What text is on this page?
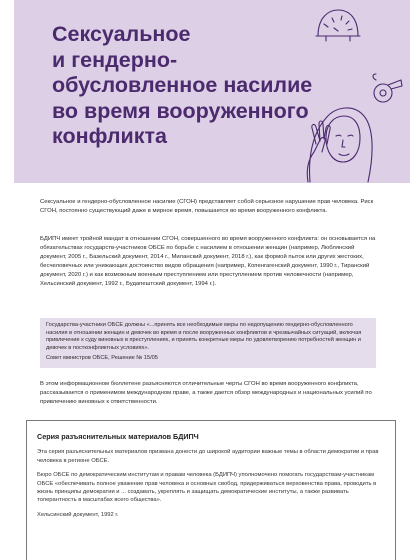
Сексуальное
и гендерно-
обусловленное насилие
во время вооруженного
конфликта

Сексуальное и гендерно-обусловленное насилие (СГОН) представляет собой серьезное нарушение прав человека. Риск СГОН, постоянно существующий даже в мирное время, повышается во время вооруженного конфликта.

БДИПЧ имеет тройной мандат в отношении СГОН, совершенного во время вооруженного конфликта: он основывается на обязательствах государств-участников ОБСЕ по борьбе с насилием в отношении женщин (например, Люблянский документ, 2005 г., Базельский документ, 2014 г., Миланский документ, 2018 г.), как формой пыток или других жестоких, бесчеловечных или унижающих достоинство видов обращения (например, Копенгагенский документ, 1990 г., Тиранский документ, 2020 г.) и как возможным военным преступлением или преступлением против человечности (например, Хельсинский документ, 1992 г., Будапештский документ, 1994 г.).

Государства-участники ОБСЕ должны «...принять все необходимые меры по недопущению гендерно-обусловленного насилия в отношении женщин и девочек во время и после вооруженных конфликтов и чрезвычайных ситуаций, включая привлечение к суду виновных в преступлениях, и принять конкретные меры по удовлетворению потребностей женщин и девочек в постконфликтных условиях».

Совет министров ОБСЕ, Решение № 15/05

В этом информационном бюллетене разъясняются отличительные черты СГОН во время вооруженного конфликта, рассказывается о применимом международном праве, а также дается обзор международных и национальных усилий по привлечению виновных к ответственности.

Серия разъяснительных материалов БДИПЧ

Эта серия разъяснительных материалов призвана донести до широкой аудитории важные темы в области демократии и прав человека в регионе ОБСЕ.

Бюро ОБСЕ по демократическим институтам и правам человека (БДИПЧ) уполномочено помогать государствам-участникам ОБСЕ «обеспечивать полное уважение прав человека и основных свобод, придерживаться верховенства права, проводить в жизнь принципы демократии и ... создавать, укреплять и защищать демократические институты, а также развивать толерантность в масштабах всего общества».

Хельсинский документ, 1992 г.
